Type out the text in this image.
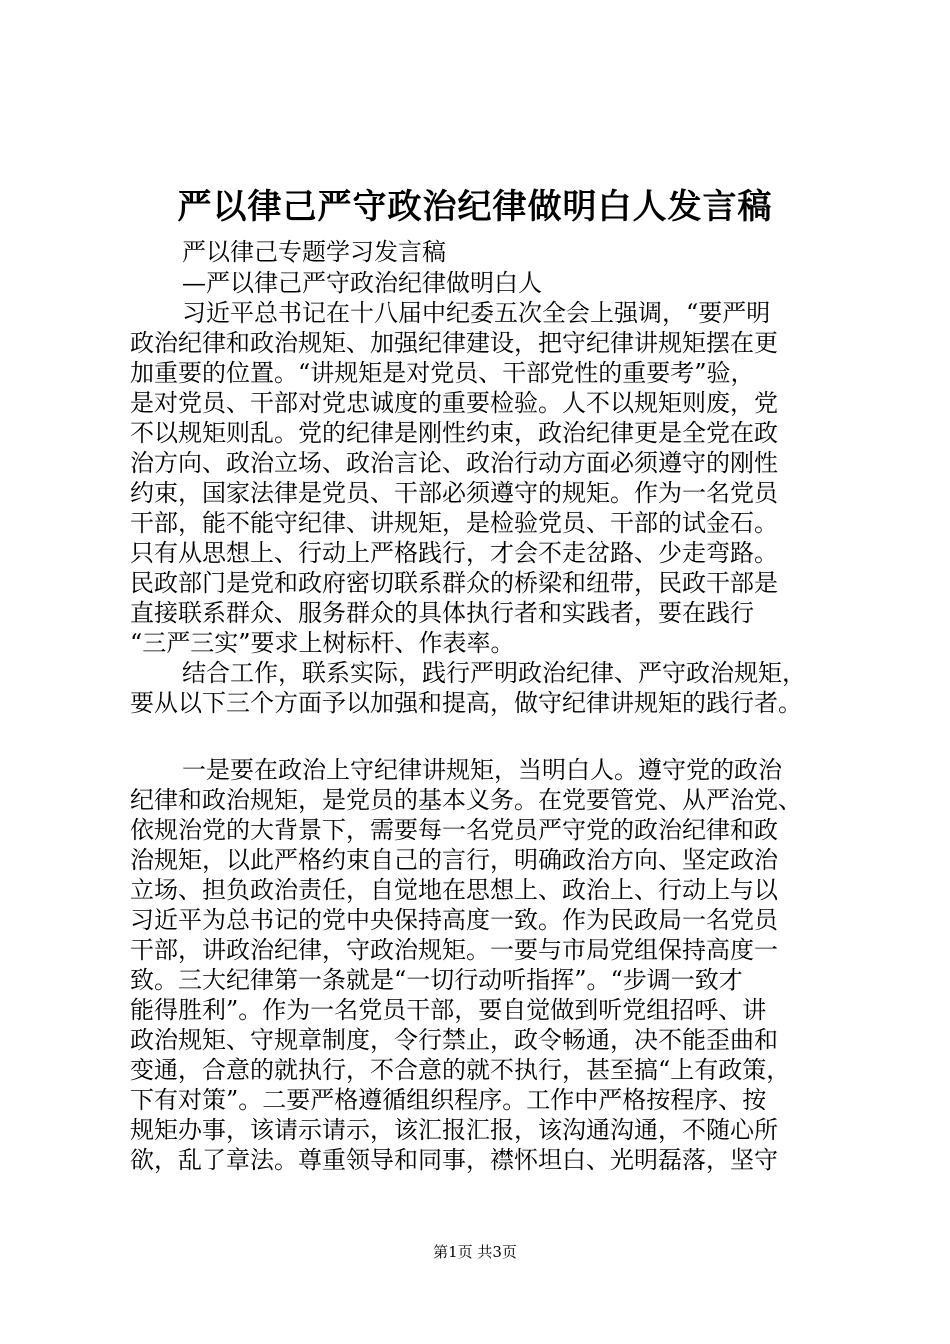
严以律己严守政治纪律做明白人发言稿
严以律己专题学习发言稿
—严以律己严守政治纪律做明白人
习近平总书记在十八届中纪委五次全会上强调，“要严明
政治纪律和政治规矩、加强纪律建设，把守纪律讲规矩摆在更
加重要的位置。“讲规矩是对党员、干部党性的重要考”验，
是对党员、干部对党忠诚度的重要检验。人不以规矩则废，党
不以规矩则乱。党的纪律是刚性约束，政治纪律更是全党在政
治方向、政治立场、政治言论、政治行动方面必须遵守的刚性
约束，国家法律是党员、干部必须遵守的规矩。作为一名党员
干部，能不能守纪律、讲规矩，是检验党员、干部的试金石。
只有从思想上、行动上严格践行，才会不走岔路、少走弯路。
民政部门是党和政府密切联系群众的桥梁和纽带，民政干部是
直接联系群众、服务群众的具体执行者和实践者，要在践行
“三严三实”要求上树标杆、作表率。
结合工作，联系实际，践行严明政治纪律、严守政治规矩，
要从以下三个方面予以加强和提高，做守纪律讲规矩的践行者。
一是要在政治上守纪律讲规矩，当明白人。遵守党的政治
纪律和政治规矩，是党员的基本义务。在党要管党、从严治党、
依规治党的大背景下，需要每一名党员严守党的政治纪律和政
治规矩，以此严格约束自己的言行，明确政治方向、坚定政治
立场、担负政治责任，自觉地在思想上、政治上、行动上与以
习近平为总书记的党中央保持高度一致。作为民政局一名党员
干部，讲政治纪律，守政治规矩。一要与市局党组保持高度一
致。三大纪律第一条就是“一切行动听指挥”。“步调一致才
能得胜利”。作为一名党员干部，要自觉做到听党组招呼、讲
政治规矩、守规章制度，令行禁止，政令畅通，决不能歪曲和
变通，合意的就执行，不合意的就不执行，甚至搞“上有政策，
下有对策”。二要严格遵循组织程序。工作中严格按程序、按
规矩办事，该请示请示，该汇报汇报，该沟通沟通，不随心所
欲，乱了章法。尊重领导和同事，襟怀坦白、光明磊落，坚守
第1页 共3页
